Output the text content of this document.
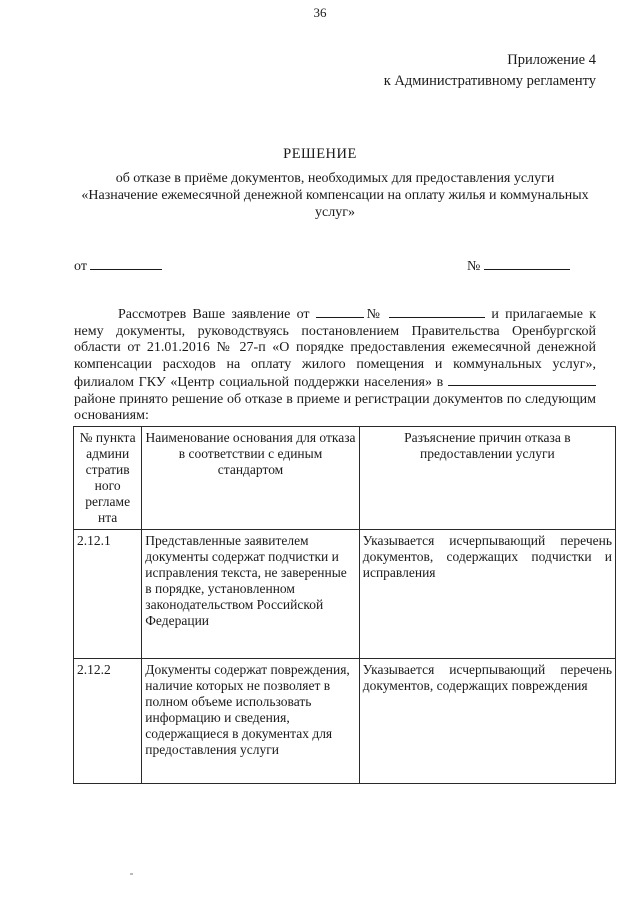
36
Приложение 4
к Административному регламенту
РЕШЕНИЕ
об отказе в приёме документов, необходимых для предоставления услуги
«Назначение ежемесячной денежной компенсации на оплату жилья и коммунальных
услуг»
от	№

Рассмотрев Ваше заявление от	№	и прилагаемые к нему документы, руководствуясь постановлением Правительства Оренбургской области от 21.01.2016 № 27-п «О порядке предоставления ежемесячной денежной компенсации расходов на оплату жилого помещения и коммунальных услуг», филиалом ГКУ «Центр социальной поддержки населения» в  районе принято решение об отказе в приеме и регистрации документов по следующим основаниям:

№ пункта админи стратив ного регламе нта	Наименование основания для отказа в соответствии с единым стандартом	Разъяснение причин отказа в предоставлении услуги
2.12.1	Представленные заявителем документы содержат подчистки и исправления текста, не заверенные в порядке, установленном законодательством Российской Федерации	Указывается исчерпывающий перечень документов, содержащих подчистки и исправления
2.12.2	Документы содержат повреждения, наличие которых не позволяет в полном объеме использовать информацию и сведения, содержащиеся в документах для предоставления услуги	Указывается исчерпывающий перечень документов, содержащих повреждения
